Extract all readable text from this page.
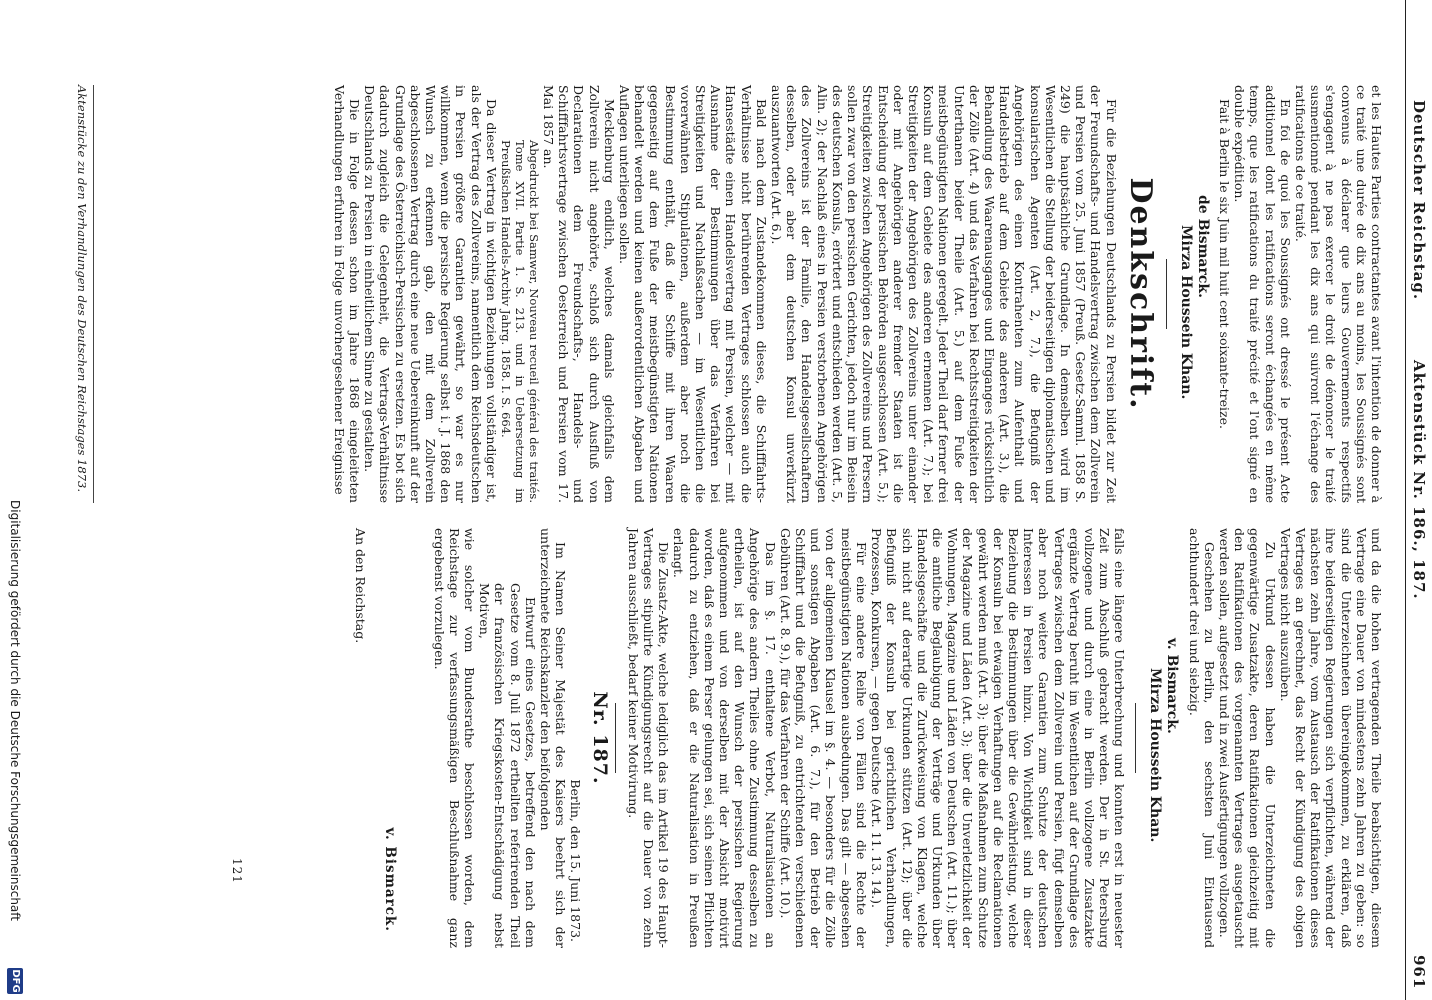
Deutscher Reichstag.
Aktenstück Nr. 186., 187.
961

et les Hautes Parties contractantes avant l'intention de donner à ce traité une durée de dix ans au moins, les Soussignés sont convenus à déclarer que leurs Gouvernements respectifs s'engagent à ne pas exercer le droit de dénoncer le traité susmentionné pendant les dix ans qui suivront l'échange des ratifications de ce traité.

En foi de quoi les Soussignés ont dressé le présent Acte additionnel dont les ratifications seront échangées en même temps, que les ratifications du traité précité et l'ont signé en double expédition.

Fait à Berlin le six Juin mil huit cent soixante-treize.

de Bismarck.

Mirza Houssein Khan.

Denkschrift.

Für die Beziehungen Deutschlands zu Persien bildet zur Zeit der Freundschafts- und Handelsvertrag zwischen dem Zollverein und Persien vom 25. Juni 1857 (Preuß. Gesetz-Samml. 1858 S. 249) die hauptsächliche Grundlage. In demselben wird im Wesentlichen die Stellung der beiderseitigen diplomatischen und konsularischen Agenten (Art. 2, 7.), die Befugniß der Angehörigen des einen Kontrahenten zum Aufenthalt und Handelsbetrieb auf dem Gebiete des anderen (Art. 3.), die Behandlung des Waarenausganges und Einganges rücksichtlich der Zölle (Art. 4) und das Verfahren bei Rechtsstreitigkeiten der Unterthanen beider Theile (Art. 5.) auf dem Fuße der meistbegünstigten Nationen geregelt. Jeder Theil darf ferner drei Konsuln auf dem Gebiete des anderen ernennen (Art. 7.); bei Streitigkeiten der Angehörigen des Zollvereins unter einander oder mit Angehörigen anderer fremder Staaten ist die Entscheidung der persischen Behörden ausgeschlossen (Art. 5.); Streitigkeiten zwischen Angehörigen des Zollvereins und Persern sollen zwar von den persischen Gerichten, jedoch nur im Beisein des deutschen Konsuls, erörtert und entschieden werden (Art. 5, Alin. 2); der Nachlaß eines in Persien verstorbenen Angehörigen des Zollvereins ist der Familie, den Handelsgesellschaftern desselben, oder aber dem deutschen Konsul unverkürzt auszuantworten (Art. 6.).

Bald nach dem Zustandekommen dieses, die Schifffahrts-Verhältnisse nicht berührenden Vertrages schlossen auch die Hansestädte einen Handelsvertrag mit Persien, welcher — mit Ausnahme der Bestimmungen über das Verfahren bei Streitigkeiten und Nachlaßsachen — im Wesentlichen die vorerwähnten Stipulationen, außerdem aber noch die Bestimmung enthält, daß die Schiffe mit ihren Waaren gegenseitig auf dem Fuße der meistbegünstigten Nationen behandelt werden und keinen außerordentlichen Abgaben und Auflagen unterliegen sollen.

Mecklenburg endlich, welches damals gleichfalls dem Zollverein nicht angehörte, schloß sich durch Ausfluß von Declarationen dem Freundschafts-, Handels- und Schifffahrtsvertrage zwischen Oesterreich und Persien vom 17. Mai 1857 an.

Abgedruckt bei Samwer, Nouveau recueil général des traités. Tome XVII. Partie 1. S. 213. und in Uebersetzung im Preußischen Handels-Archiv Jahrg. 1858. I. S. 664.

Da dieser Vertrag in wichtigen Beziehungen vollständiger ist, als der Vertrag des Zollvereins, namentlich dem Reichsdeutschen in Persien größere Garantien gewährt, so war es nur willkommen, wenn die persische Regierung selbst i. J. 1868 den Wunsch zu erkennen gab, den mit dem Zollverein abgeschlossenen Vertrag durch eine neue Uebereinkunft auf der Grundlage des Österreichisch-Persischen zu ersetzen. Es bot sich dadurch zugleich die Gelegenheit, die Vertrags-Verhältnisse Deutschlands zu Persien in einheitlichem Sinne zu gestalten.

Die in Folge dessen schon im Jahre 1868 eingeleiteten Verhandlungen erfuhren in Folge unvorhergesehener Ereignisse

Aktenstücke zu den Verhandlungen des Deutschen Reichstages 1873.

und da die hohen vertragenden Theile beabsichtigen, diesem Vertrage eine Dauer von mindestens zehn Jahren zu geben: so sind die Unterzeichneten übereingekommen, zu erklären, daß ihre beiderseitigen Regierungen sich verpflichten, während der nächsten zehn Jahre, vom Austausch der Ratifikationen dieses Vertrages an gerechnet, das Recht der Kündigung des obigen Vertrages nicht auszuüben.

Zu Urkund dessen haben die Unterzeichneten die gegenwärtige Zusatzakte, deren Ratifikationen gleichzeitig mit den Ratifikationen des vorgenannten Vertrages ausgetauscht werden sollen, aufgesetzt und in zwei Ausfertigungen vollzogen.

Geschehen zu Berlin, den sechsten Juni Eintausend achthundert drei und siebzig.

v. Bismarck.

Mirza Houssein Khan.

falls eine längere Unterbrechung und konnten erst in neuester Zeit zum Abschluß gebracht werden. Der in St. Petersburg vollzogene und durch eine in Berlin vollzogene Zusatzakte ergänzte Vertrag beruht im Wesentlichen auf der Grundlage des Vertrages zwischen dem Zollverein und Persien, fügt demselben aber noch weitere Garantien zum Schutze der deutschen Interessen in Persien hinzu. Von Wichtigkeit sind in dieser Beziehung die Bestimmungen über die Gewährleistung, welche der Konsuln bei etwaigen Verhaftungen auf die Reclamationen gewährt werden muß (Art. 3); über die Maßnahmen zum Schutze der Magazine und Läden (Art. 3); über die Unverletzlichkeit der Wohnungen, Magazine und Läden von Deutschen (Art. 11.); über die amtliche Beglaubigung der Verträge und Urkunden über Handelsgeschäfte und die Zurückweisung von Klagen, welche sich nicht auf derartige Urkunden stützen (Art. 12); über die Befugniß der Konsuln bei gerichtlichen Verhandlungen, Prozessen, Konkursen, — gegen Deutsche (Art. 11. 13. 14.).

Für eine andere Reihe von Fällen sind die Rechte der meistbegünstigten Nationen ausbedungen. Das gilt — abgesehen von der allgemeinen Klausel im §. 4. — besonders für die Zölle und sonstigen Abgaben (Art. 6. 7.), für den Betrieb der Schifffahrt und die Befugniß, zu entrichtenden verschiedenen Gebühren (Art. 8. 9.), für das Verfahren der Schiffe (Art. 10.).

Das im §. 17. enthaltene Verbot, Naturalisationen an Angehörige des andern Theiles ohne Zustimmung desselben zu ertheilen, ist auf den Wunsch der persischen Regierung aufgenommen und von derselben mit der Absicht motivirt worden, daß es einem Perser gelungen sei, sich seinen Pflichten dadurch zu entziehen, daß er die Naturalisation in Preußen erlangt.

Die Zusatz-Akte, welche lediglich das im Artikel 19 des Haupt-Vertrages stipulirte Kündigungsrecht auf die Dauer von zehn Jahren ausschließt, bedarf keiner Motivirung.

Nr. 187.

Berlin, den 15. Juni 1873.

Im Namen Seiner Majestät des Kaisers beehrt sich der unterzeichnete Reichskanzler den beifolgenden

Entwurf eines Gesetzes, betreffend den nach dem Gesetze vom 8. Juli 1872 ertheilten referirenden Theil der französischen Kriegskosten-Entschädigung nebst Motiven,

wie solcher vom Bundesrathe beschlossen worden, dem Reichstage zur verfassungsmäßigen Beschlußnahme ganz ergebenst vorzulegen.

v. Bismarck.

An den Reichstag.

121
Digitalisierung gefördert durch die Deutsche Forschungsgemeinschaft
DFG
